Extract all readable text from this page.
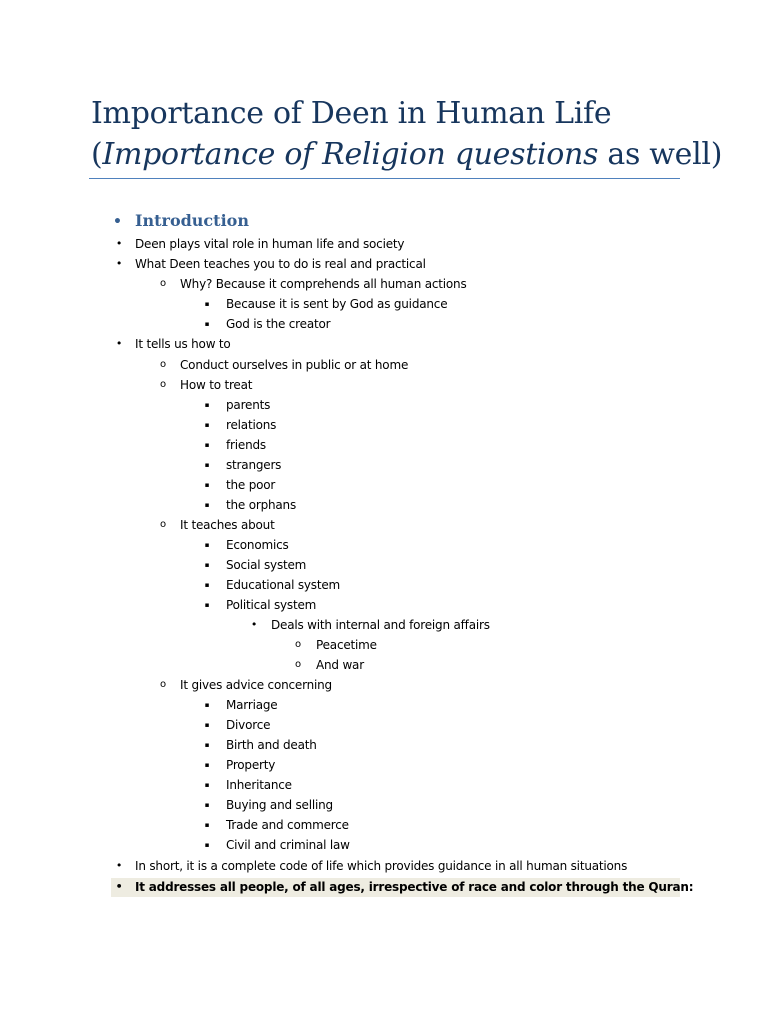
Importance of Deen in Human Life
(Importance of Religion questions as well)
• Introduction
•	Deen plays vital role in human life and society
•	What Deen teaches you to do is real and practical
o	Why? Because it comprehends all human actions
▪	Because it is sent by God as guidance
▪	God is the creator
•	It tells us how to
o	Conduct ourselves in public or at home
o	How to treat
▪	parents
▪	relations
▪	friends
▪	strangers
▪	the poor
▪	the orphans
o	It teaches about
▪	Economics
▪	Social system
▪	Educational system
▪	Political system
•	Deals with internal and foreign affairs
o	Peacetime
o	And war
o	It gives advice concerning
▪	Marriage
▪	Divorce
▪	Birth and death
▪	Property
▪	Inheritance
▪	Buying and selling
▪	Trade and commerce
▪	Civil and criminal law
•	In short, it is a complete code of life which provides guidance in all human situations
•	It addresses all people, of all ages, irrespective of race and color through the Quran:
